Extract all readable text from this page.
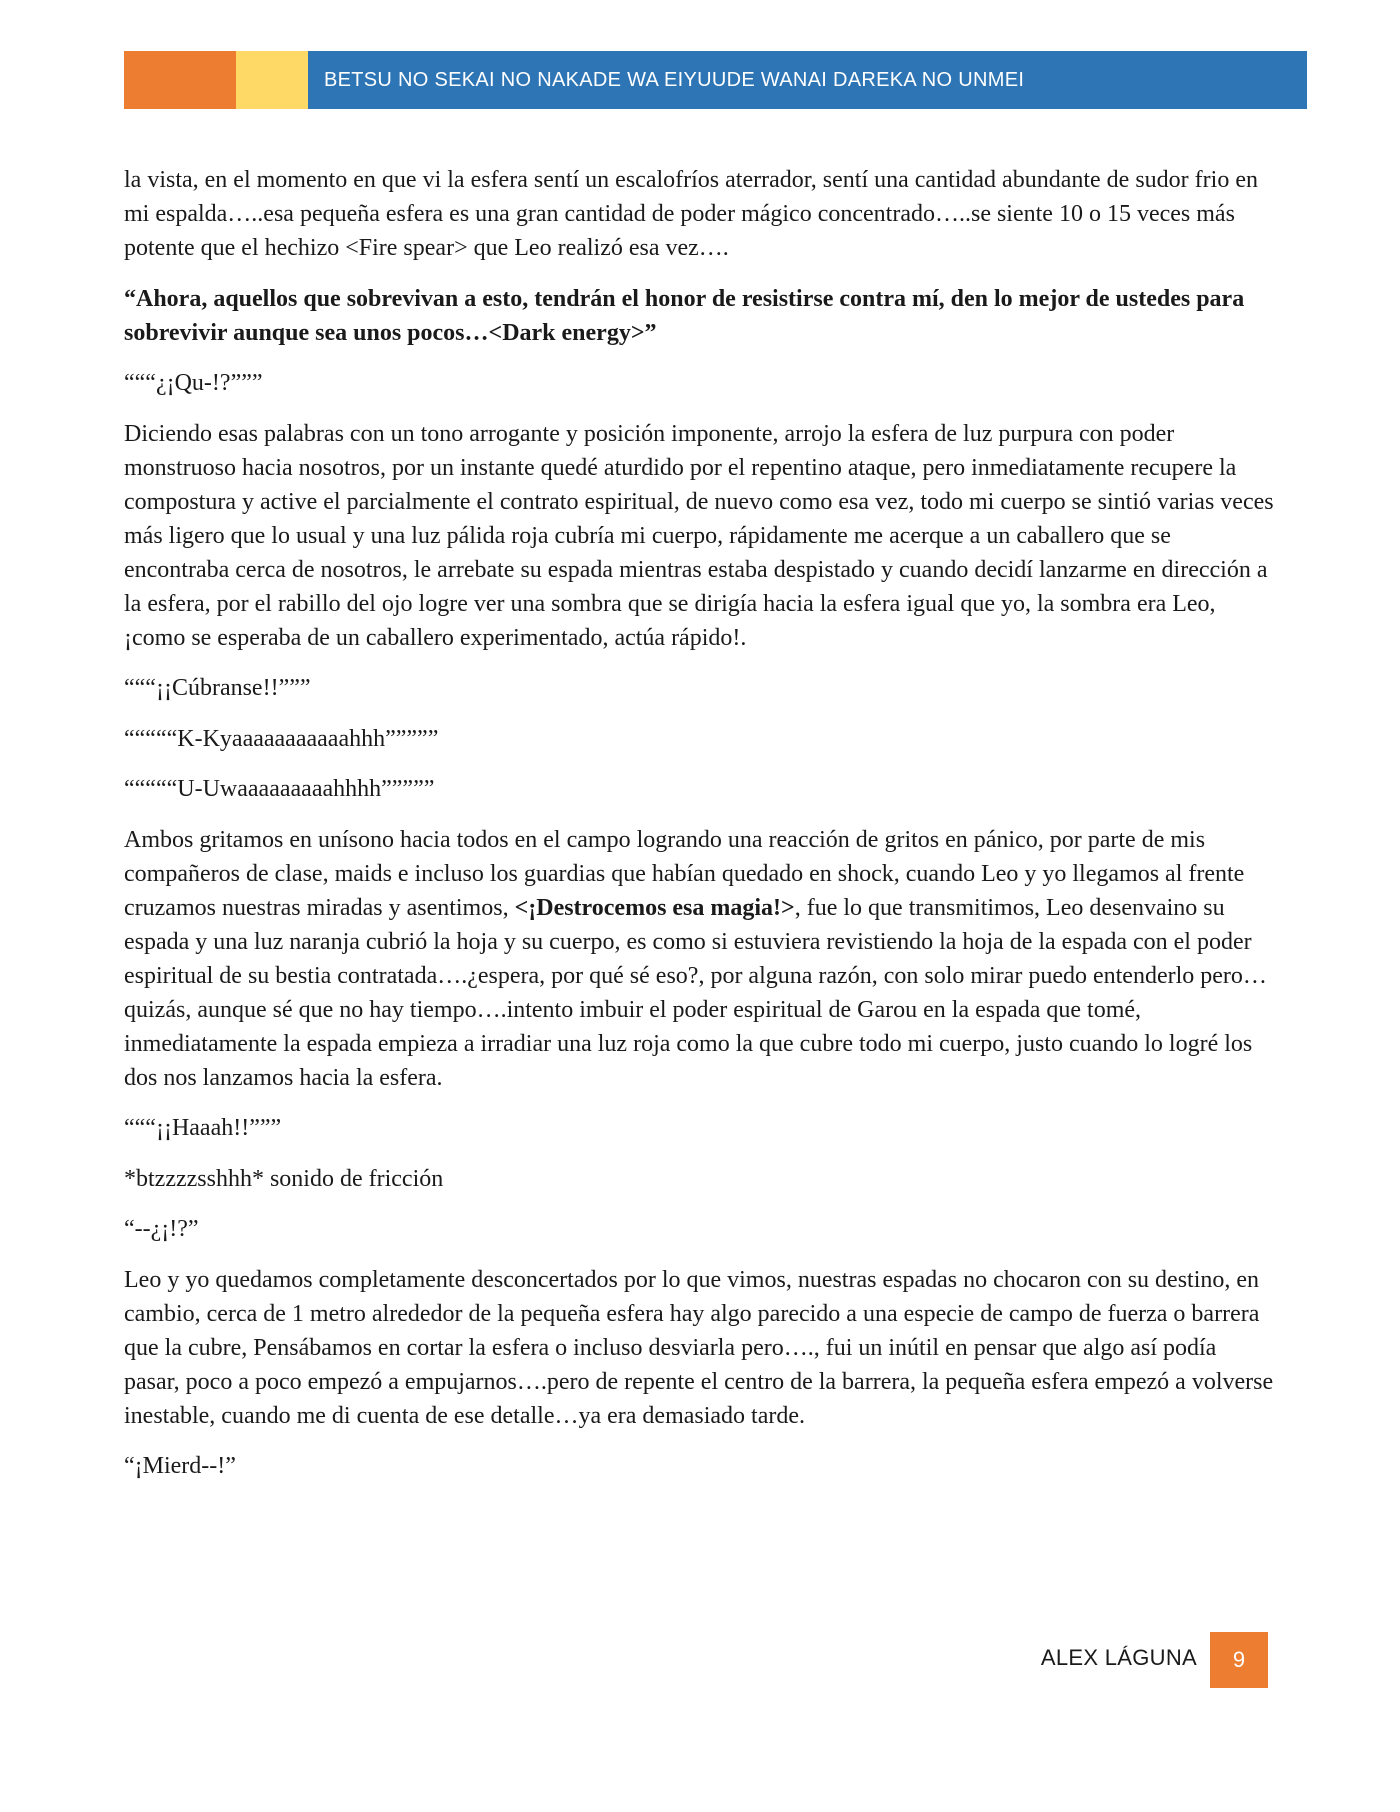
BETSU NO SEKAI NO NAKADE WA EIYUUDE WANAI DAREKA NO UNMEI

la vista, en el momento en que vi la esfera sentí un escalofríos aterrador, sentí una cantidad abundante de sudor frio en mi espalda…..esa pequeña esfera es una gran cantidad de poder mágico concentrado…..se siente 10 o 15 veces más potente que el hechizo <Fire spear> que Leo realizó esa vez….

“Ahora, aquellos que sobrevivan a esto, tendrán el honor de resistirse contra mí, den lo mejor de ustedes para sobrevivir aunque sea unos pocos…<Dark energy>”

“““¿¡Qu-!?”””

Diciendo esas palabras con un tono arrogante y posición imponente, arrojo la esfera de luz purpura con poder monstruoso hacia nosotros, por un instante quedé aturdido por el repentino ataque, pero inmediatamente recupere la compostura y active el parcialmente el contrato espiritual, de nuevo como esa vez, todo mi cuerpo se sintió varias veces más ligero que lo usual y una luz pálida roja cubría mi cuerpo, rápidamente me acerque a un caballero que se encontraba cerca de nosotros, le arrebate su espada mientras estaba despistado y cuando decidí lanzarme en dirección a la esfera, por el rabillo del ojo logre ver una sombra que se dirigía hacia la esfera igual que yo, la sombra era Leo, ¡como se esperaba de un caballero experimentado, actúa rápido!.

“““¡¡Cúbranse!!”””

“““““K-Kyaaaaaaaaaaahhh”””””

“““““U-Uwaaaaaaaaahhhh”””””

Ambos gritamos en unísono hacia todos en el campo logrando una reacción de gritos en pánico, por parte de mis compañeros de clase, maids e incluso los guardias que habían quedado en shock, cuando Leo y yo llegamos al frente cruzamos nuestras miradas y asentimos, <¡Destrocemos esa magia!>, fue lo que transmitimos, Leo desenvaino su espada y una luz naranja cubrió la hoja y su cuerpo, es como si estuviera revistiendo la hoja de la espada con el poder espiritual de su bestia contratada….¿espera, por qué sé eso?, por alguna razón, con solo mirar puedo entenderlo pero…quizás, aunque sé que no hay tiempo….intento imbuir el poder espiritual de Garou en la espada que tomé, inmediatamente la espada empieza a irradiar una luz roja como la que cubre todo mi cuerpo, justo cuando lo logré los dos nos lanzamos hacia la esfera.

“““¡¡Haaah!!”””

*btzzzzsshhh* sonido de fricción

“--¿¡!?”

Leo y yo quedamos completamente desconcertados por lo que vimos, nuestras espadas no chocaron con su destino, en cambio, cerca de 1 metro alrededor de la pequeña esfera hay algo parecido a una especie de campo de fuerza o barrera que la cubre, Pensábamos en cortar la esfera o incluso desviarla pero…., fui un inútil en pensar que algo así podía pasar, poco a poco empezó a empujarnos….pero de repente el centro de la barrera, la pequeña esfera empezó a volverse inestable, cuando me di cuenta de ese detalle…ya era demasiado tarde.

“¡Mierd--!”

ALEX LÁGUNA	9
